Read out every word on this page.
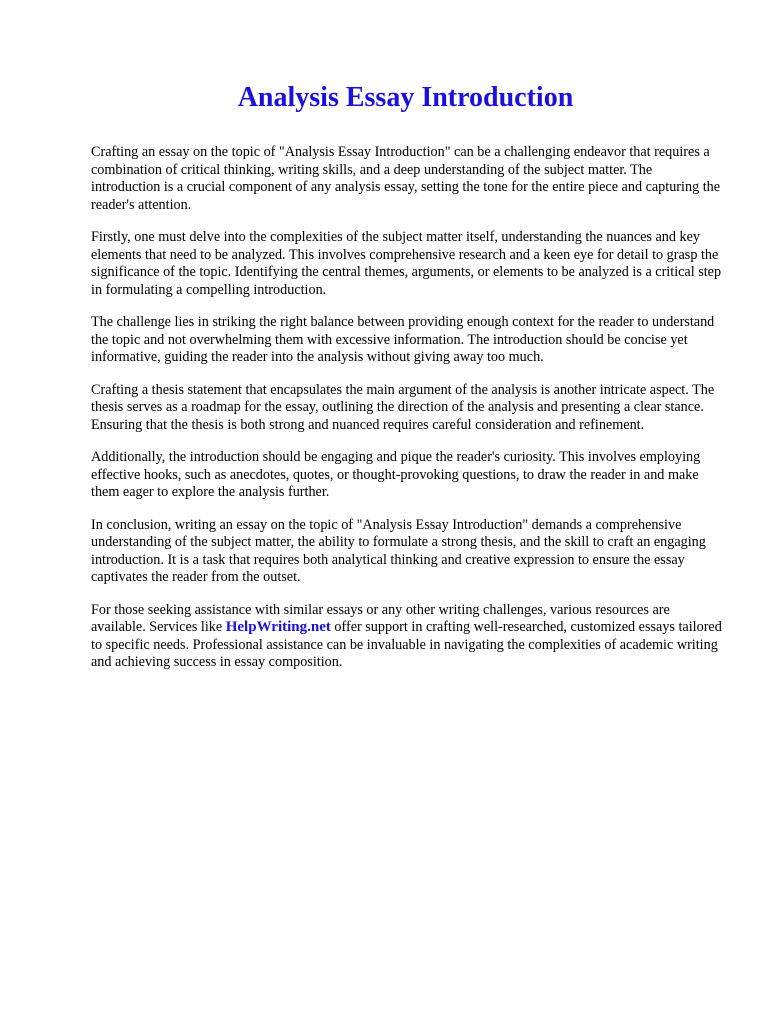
Analysis Essay Introduction

Crafting an essay on the topic of "Analysis Essay Introduction" can be a challenging endeavor that requires a combination of critical thinking, writing skills, and a deep understanding of the subject matter. The introduction is a crucial component of any analysis essay, setting the tone for the entire piece and capturing the reader's attention.

Firstly, one must delve into the complexities of the subject matter itself, understanding the nuances and key elements that need to be analyzed. This involves comprehensive research and a keen eye for detail to grasp the significance of the topic. Identifying the central themes, arguments, or elements to be analyzed is a critical step in formulating a compelling introduction.

The challenge lies in striking the right balance between providing enough context for the reader to understand the topic and not overwhelming them with excessive information. The introduction should be concise yet informative, guiding the reader into the analysis without giving away too much.

Crafting a thesis statement that encapsulates the main argument of the analysis is another intricate aspect. The thesis serves as a roadmap for the essay, outlining the direction of the analysis and presenting a clear stance. Ensuring that the thesis is both strong and nuanced requires careful consideration and refinement.

Additionally, the introduction should be engaging and pique the reader's curiosity. This involves employing effective hooks, such as anecdotes, quotes, or thought-provoking questions, to draw the reader in and make them eager to explore the analysis further.

In conclusion, writing an essay on the topic of "Analysis Essay Introduction" demands a comprehensive understanding of the subject matter, the ability to formulate a strong thesis, and the skill to craft an engaging introduction. It is a task that requires both analytical thinking and creative expression to ensure the essay captivates the reader from the outset.

For those seeking assistance with similar essays or any other writing challenges, various resources are available. Services like HelpWriting.net offer support in crafting well-researched, customized essays tailored to specific needs. Professional assistance can be invaluable in navigating the complexities of academic writing and achieving success in essay composition.
